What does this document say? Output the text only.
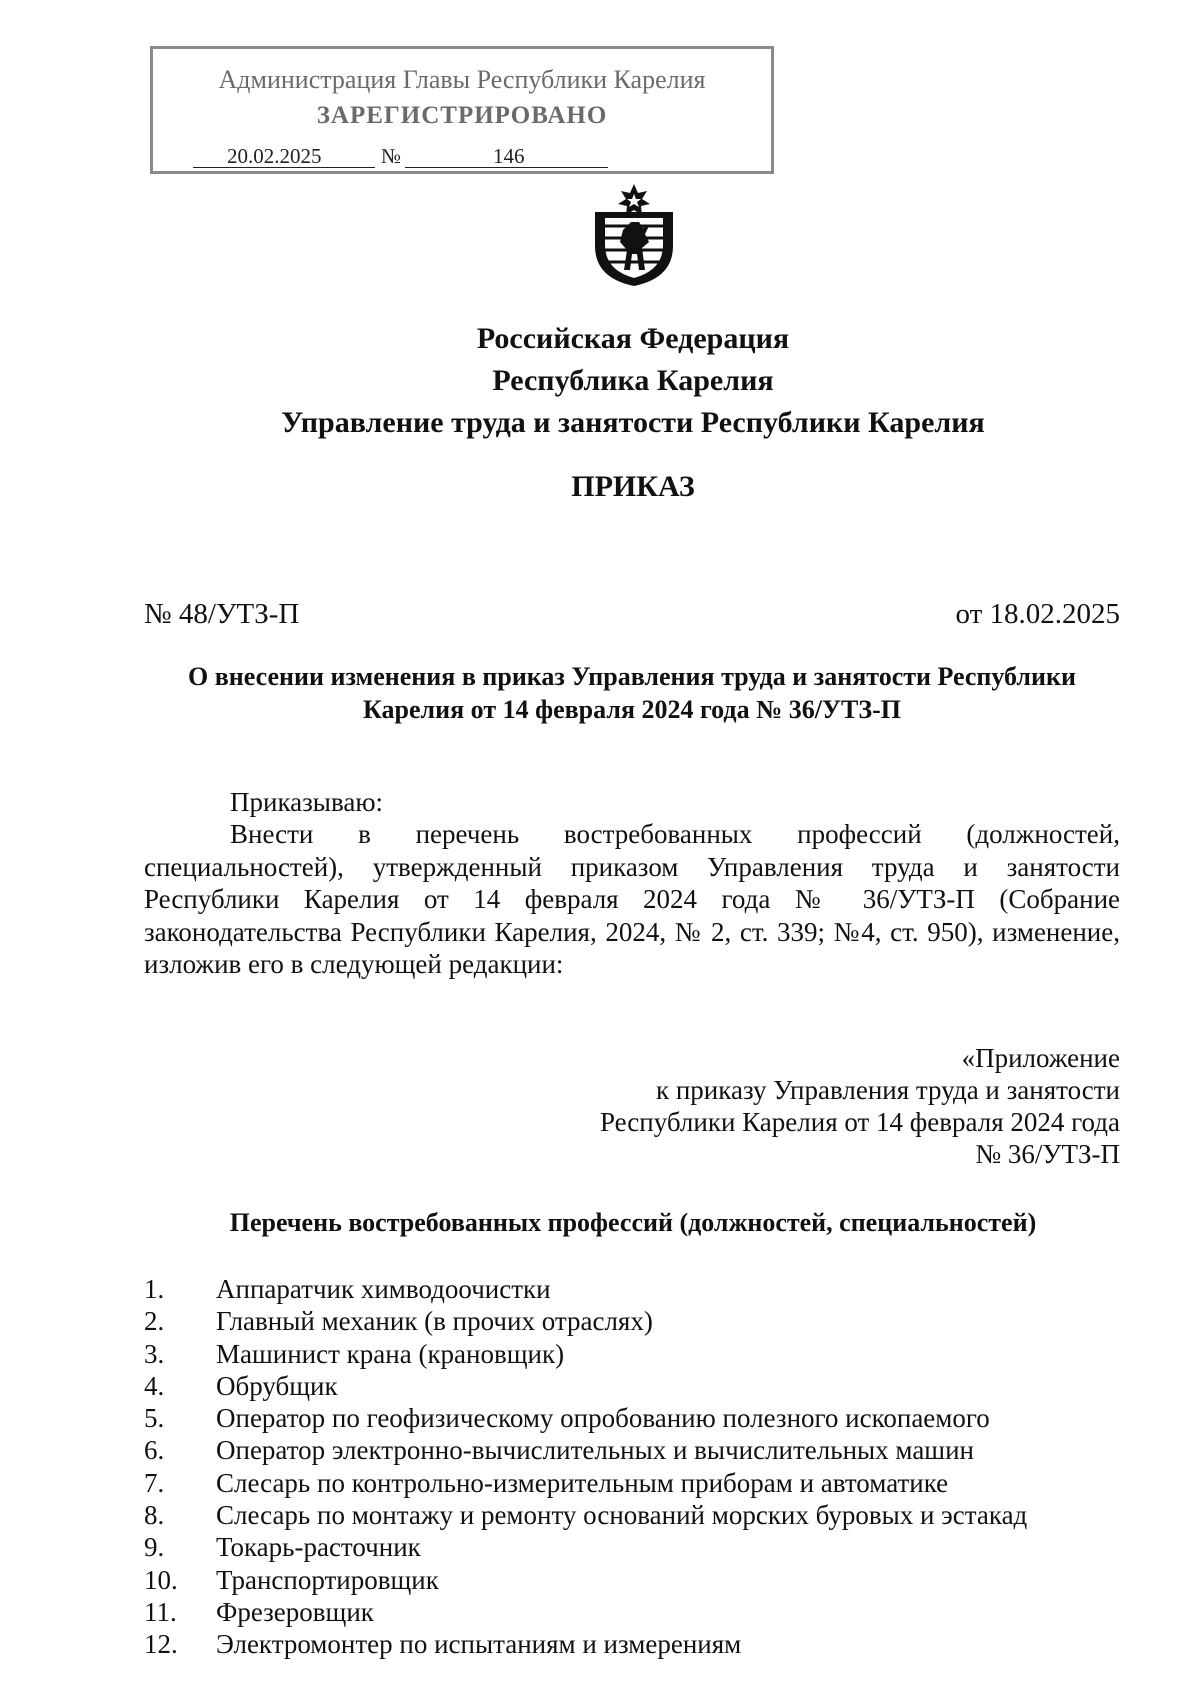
Администрация Главы Республики Карелия
ЗАРЕГИСТРИРОВАНО
20.02.2025	№	146
Российская Федерация
Республика Карелия
Управление труда и занятости Республики Карелия
ПРИКАЗ
№ 48/УТЗ-П	от 18.02.2025
О внесении изменения в приказ Управления труда и занятости Республики Карелия от 14 февраля 2024 года № 36/УТЗ-П
Приказываю:
Внести в перечень востребованных профессий (должностей, специальностей), утвержденный приказом Управления труда и занятости Республики Карелия от 14 февраля 2024 года № 36/УТЗ-П (Собрание законодательства Республики Карелия, 2024, № 2, ст. 339; №4, ст. 950), изменение, изложив его в следующей редакции:
«Приложение
к приказу Управления труда и занятости
Республики Карелия от 14 февраля 2024 года
№ 36/УТЗ-П
Перечень востребованных профессий (должностей, специальностей)
1. Аппаратчик химводоочистки
2. Главный механик (в прочих отраслях)
3. Машинист крана (крановщик)
4. Обрубщик
5. Оператор по геофизическому опробованию полезного ископаемого
6. Оператор электронно-вычислительных и вычислительных машин
7. Слесарь по контрольно-измерительным приборам и автоматике
8. Слесарь по монтажу и ремонту оснований морских буровых и эстакад
9. Токарь-расточник
10. Транспортировщик
11. Фрезеровщик
12. Электромонтер по испытаниям и измерениям
